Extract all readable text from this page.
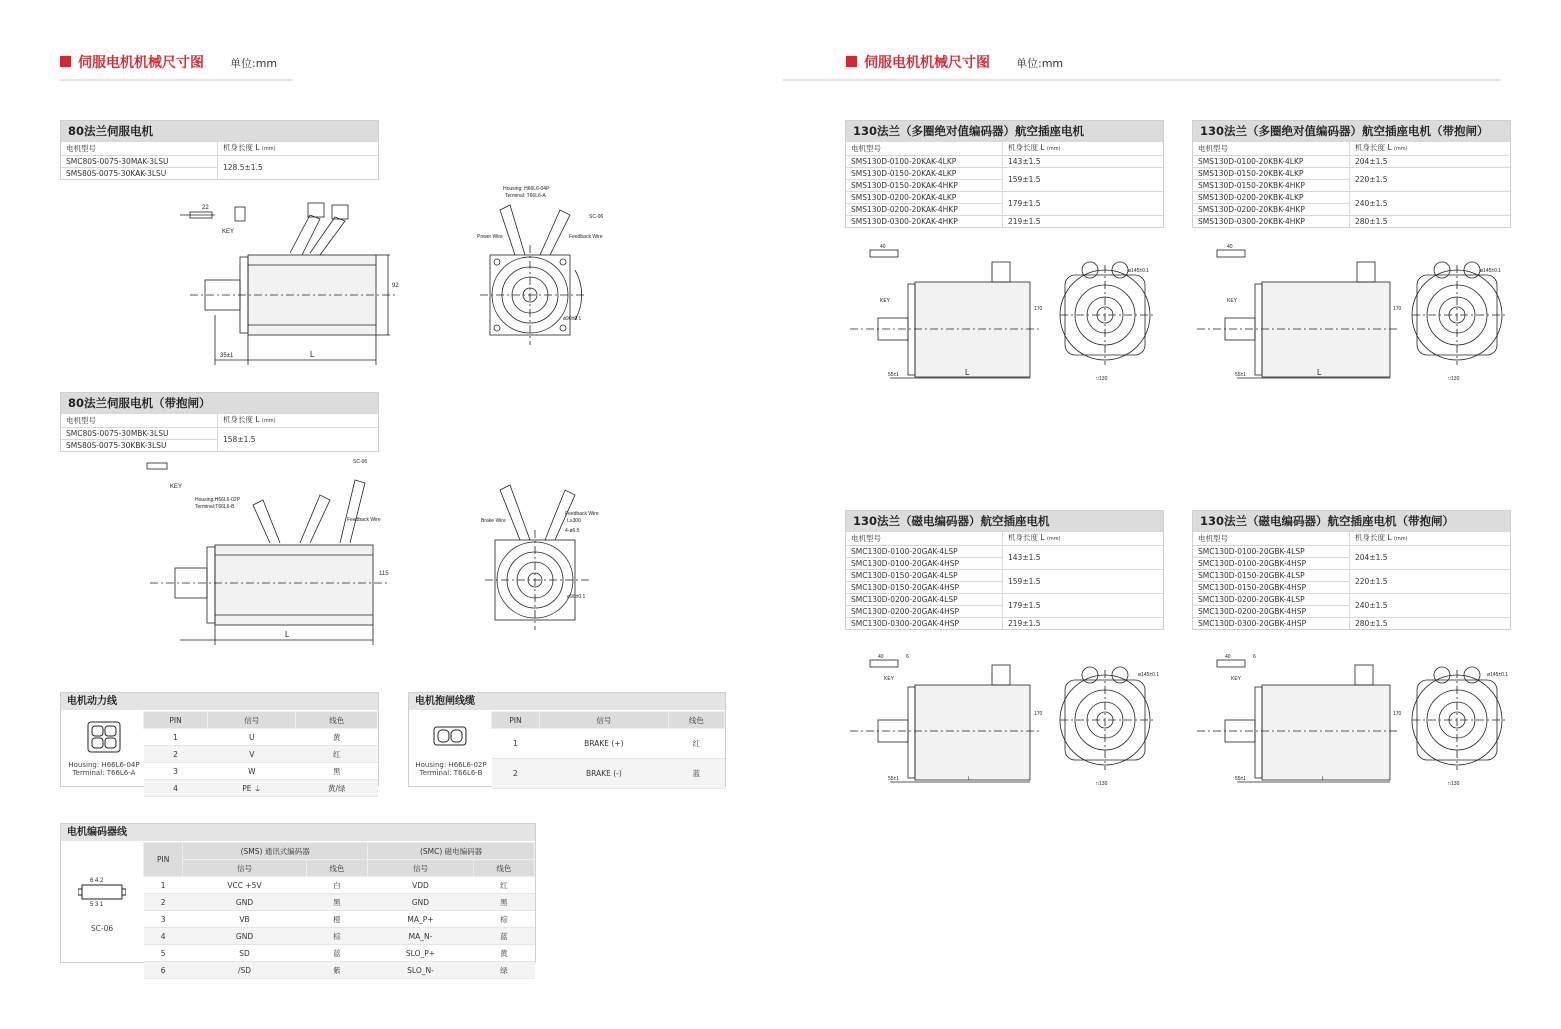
伺服电机机械尺寸图 单位:mm
80法兰伺服电机
电机型号	机身长度 L (mm)
SMC80S-0075-30MAK-3LSU	128.5±1.5
SMS80S-0075-30KAK-3LSU	
L
35±1
KEY
22
92
Housing: H66L6-04P
Terminal: T66L6-A
Power Wire	Feedback Wire
SC-06
ø90±0.1
80法兰伺服电机（带抱闸）
电机型号	机身长度 L (mm)
SMC80S-0075-30MBK-3LSU	158±1.5
SMS80S-0075-30KBK-3LSU	
L
KEY
Housing:H66L6-02P
Terminal:T66L6-B
Feedback Wire
SC-06
115
Brake Wire
Feedback Wire
L≥300
4-ø6.5
ø90±0.1
电机动力线
Housing: H66L6-04P
Terminal: T66L6-A
PIN	信号	线色
1	U	黄
2	V	红
3	W	黑
4	PE ⏚	黄/绿
电机抱闸线缆
Housing: H66L6-02P
Terminal: T66L6-B
PIN	信号	线色
1	BRAKE (+)	红
2	BRAKE (-)	蓝
电机编码器线
6 4 2
5 3 1
SC-06
PIN	(SMS) 通讯式编码器		(SMC) 磁电编码器	
	信号	线色	信号	线色
1	VCC +5V	白	VDD	红
2	GND	黑	GND	黑
3	VB	橙	MA_P+	棕
4	GND	棕	MA_N-	蓝
5	SD	蓝	SLO_P+	黄
6	/SD	紫	SLO_N-	绿
伺服电机机械尺寸图 单位:mm
130法兰（多圈绝对值编码器）航空插座电机
电机型号	机身长度 L (mm)
SMS130D-0100-20KAK-4LKP	143±1.5
SMS130D-0150-20KAK-4LKP	159±1.5
SMS130D-0150-20KAK-4HKP	
SMS130D-0200-20KAK-4LKP	179±1.5
SMS130D-0200-20KAK-4HKP	
SMS130D-0300-20KAK-4HKP	219±1.5
130法兰（多圈绝对值编码器）航空插座电机（带抱闸）
电机型号	机身长度 L (mm)
SMS130D-0100-20KBK-4LKP	204±1.5
SMS130D-0150-20KBK-4LKP	220±1.5
SMS130D-0150-20KBK-4HKP	
SMS130D-0200-20KBK-4LKP	240±1.5
SMS130D-0200-20KBK-4HKP	
SMS130D-0300-20KBK-4HKP	280±1.5
130法兰（磁电编码器）航空插座电机
电机型号	机身长度 L (mm)
SMC130D-0100-20GAK-4LSP	143±1.5
SMC130D-0100-20GAK-4HSP	
SMC130D-0150-20GAK-4LSP	159±1.5
SMC130D-0150-20GAK-4HSP	
SMC130D-0200-20GAK-4LSP	179±1.5
SMC130D-0200-20GAK-4HSP	
SMC130D-0300-20GAK-4HSP	219±1.5
130法兰（磁电编码器）航空插座电机（带抱闸）
电机型号	机身长度 L (mm)
SMC130D-0100-20GBK-4LSP	204±1.5
SMC130D-0100-20GBK-4HSP	
SMC130D-0150-20GBK-4LSP	220±1.5
SMC130D-0150-20GBK-4HSP	
SMC130D-0200-20GBK-4LSP	240±1.5
SMC130D-0200-20GBK-4HSP	
SMC130D-0300-20GBK-4HSP	280±1.5
L
55±1
40
KEY
170
ø145±0.1
□130
L
55±1
40
KEY
170
ø145±0.1
□130
L
55±1
40	6
KEY
170
ø145±0.1
□130
L
55±1
40	6
KEY
170
ø145±0.1
□130
